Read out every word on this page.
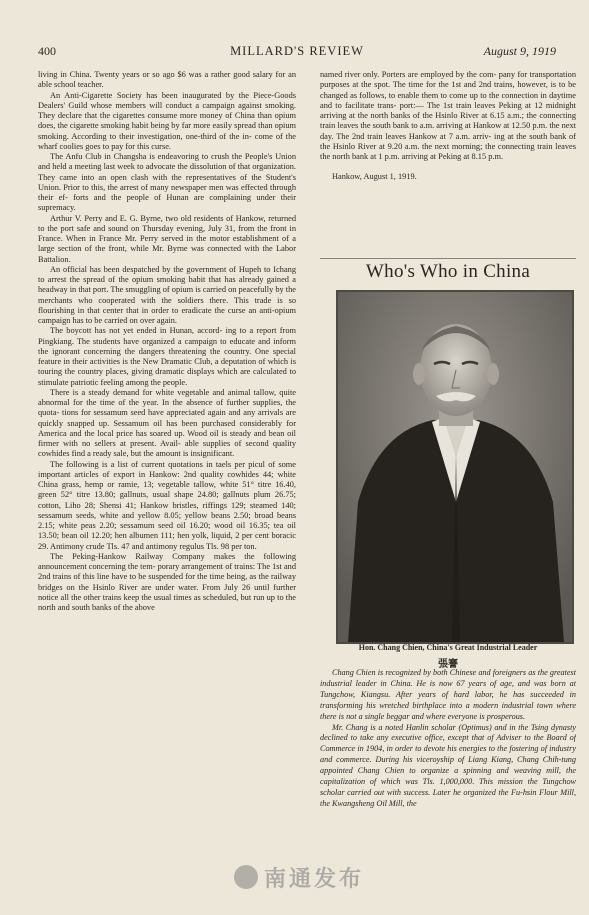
400	MILLARD'S REVIEW	August 9, 1919

living in China. Twenty years or so ago $6 was a rather good salary for an able school teacher.

An Anti-Cigarette Society has been inaugurated by the Piece-Goods Dealers' Guild whose members will conduct a campaign against smoking. They declare that the cigarettes consume more money of China than opium does, the cigarette smoking habit being by far more easily spread than opium smoking. According to their investigation, one-third of the in- come of the wharf coolies goes to pay for this curse.

The Anfu Club in Changsha is endeavoring to crush the People's Union and held a meeting last week to advocate the dissolution of that organization. They came into an open clash with the representatives of the Student's Union. Prior to this, the arrest of many newspaper men was effected through their ef- forts and the people of Hunan are complaining under their supremacy.

Arthur V. Perry and E. G. Byrne, two old residents of Hankow, returned to the port safe and sound on Thursday evening, July 31, from the front in France. When in France Mr. Perry served in the motor establishment of a large section of the front, while Mr. Byrne was connected with the Labor Battalion.

An official has been despatched by the government of Hupeh to Ichang to arrest the spread of the opium smoking habit that has already gained a headway in that port. The smuggling of opium is carried on peacefully by the merchants who cooperated with the soldiers there. This trade is so flourishing in that center that in order to eradicate the curse an anti-opium campaign has to be carried on over again.

The boycott has not yet ended in Hunan, accord- ing to a report from Pingkiang. The students have organized a campaign to educate and inform the ignorant concerning the dangers threatening the country. One special feature in their activities is the New Dramatic Club, a deputation of which is touring the country places, giving dramatic displays which are calculated to stimulate patriotic feeling among the people.

There is a steady demand for white vegetable and animal tallow, quite abnormal for the time of the year. In the absence of further supplies, the quota- tions for sessamum seed have appreciated again and any arrivals are quickly snapped up. Sessamum oil has been purchased considerably for America and the local price has soared up. Wood oil is steady and bean oil firmer with no sellers at present. Avail- able supplies of second quality cowhides find a ready sale, but the amount is insignificant.

The following is a list of current quotations in taels per picul of some important articles of export in Hankow: 2nd quality cowhides 44; white China grass, hemp or ramie, 13; vegetable tallow, white 51° titre 16.40, green 52° titre 13.80; gallnuts, usual shape 24.80; gallnuts plum 26.75; cotton, Liho 28; Shensi 41; Hankow bristles, riffings 129; steamed 140; sessamum seeds, white and yellow 8.05; yellow beans 2.50; broad beans 2.15; white peas 2.20; sessamum seed oil 16.20; wood oil 16.35; tea oil 13.50; bean oil 12.20; hen albumen 111; hen yolk, liquid, 2 per cent boracic 29. Antimony crude Tls. 47 and antimony regulus Tls. 98 per ton.

The Peking-Hankow Railway Company makes the following announcement concerning the tem- porary arrangement of trains: The 1st and 2nd trains of this line have to be suspended for the time being, as the railway bridges on the Hsinlo River are under water. From July 26 until further notice all the other trains keep the usual times as scheduled, but run up to the north and south banks of the above

named river only. Porters are employed by the com- pany for transportation purposes at the spot. The time for the 1st and 2nd trains, however, is to be changed as follows, to enable them to come up to the connection in daytime and to facilitate trans- port:— The 1st train leaves Peking at 12 midnight arriving at the north banks of the Hsinlo River at 6.15 a.m.; the connecting train leaves the south bank to a.m. arriving at Hankow at 12.50 p.m. the next day. The 2nd train leaves Hankow at 7 a.m. arriv- ing at the south bank of the Hsinlo River at 9.20 a.m. the next morning; the connecting train leaves the north bank at 1 p.m. arriving at Peking at 8.15 p.m.

Hankow, August 1, 1919.

Who's Who in China
Hon. Chang Chien, China's Great Industrial Leader
張謇

Chang Chien is recognized by both Chinese and foreigners as the greatest industrial leader in China. He is now 67 years of age, and was born at Tungchow, Kiangsu. After years of hard labor, he has succeeded in transforming his wretched birthplace into a modern industrial town where there is not a single beggar and where everyone is prosperous.

Mr. Chang is a noted Hanlin scholar (Optimus) and in the Tsing dynasty declined to take any executive office, except that of Adviser to the Board of Commerce in 1904, in order to devote his energies to the fostering of industry and commerce. During his viceroyship of Liang Kiang, Chang Chih-tung appointed Chang Chien to organize a spinning and weaving mill, the capitalization of which was Tls. 1,000,000. This mission the Tungchow scholar carried out with success. Later he organized the Fu-hsin Flour Mill, the Kwangsheng Oil Mill, the

南通发布
